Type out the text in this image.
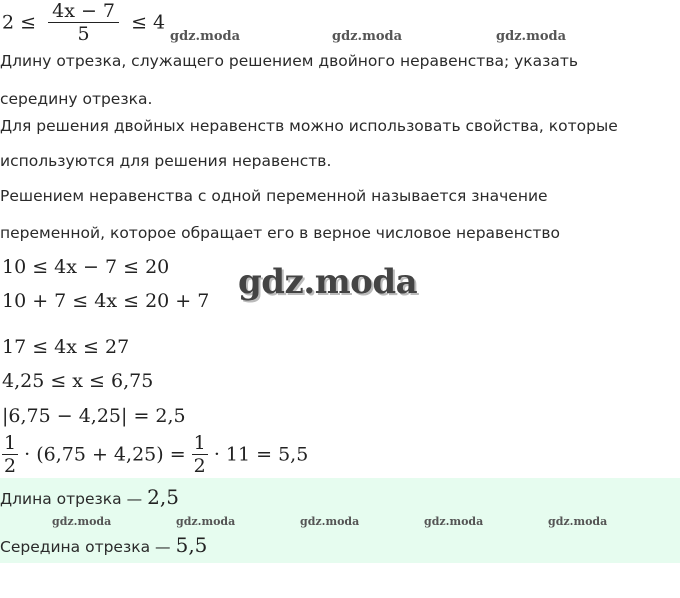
$2 \le \frac{4x - 7}{5} \le 4$
gdz.moda	gdz.moda	gdz.moda
Длину отрезка, служащего решением двойного неравенства; указать
середину отрезка.
Для решения двойных неравенств можно использовать свойства, которые
используются для решения неравенств.
Решением неравенства с одной переменной называется значение
переменной, которое обращает его в верное числовое неравенство
10 ≤ 4x − 7 ≤ 20 gdz.moda
10 + 7 ≤ 4x ≤ 20 + 7
17 ≤ 4x ≤ 27
4,25 ≤ x ≤ 6,75
|6,75 − 4,25| = 2,5
$\frac{1}{2} \cdot (6,75 + 4,25) = \frac{1}{2} \cdot 11 = 5,5$
Длина отрезка — 2,5
gdz.moda	gdz.moda	gdz.moda	gdz.moda	gdz.moda
Середина отрезка — 5,5
